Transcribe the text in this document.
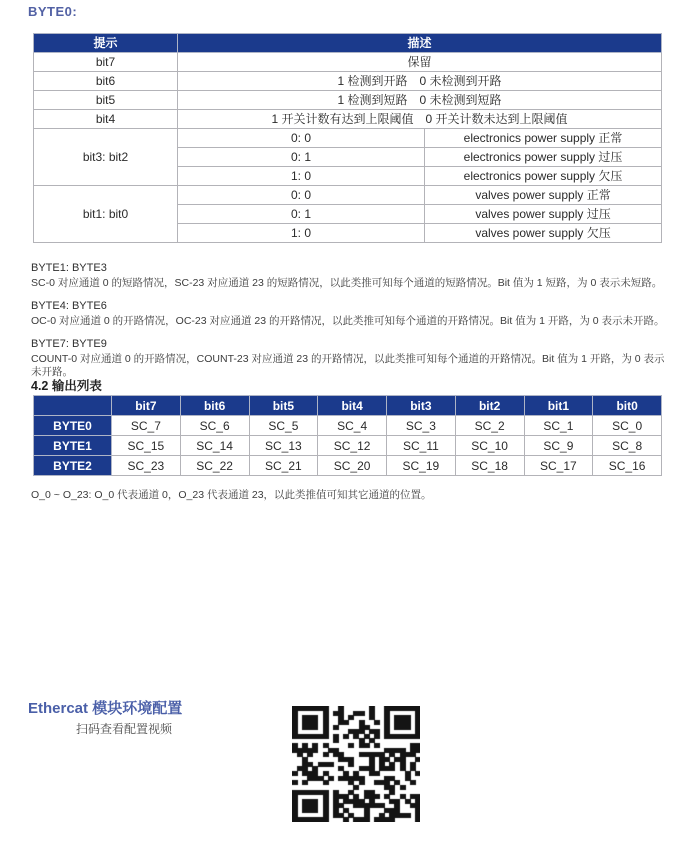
BYTE0:
提示	描述	
bit7	保留	
bit6	1 检测到开路　0 未检测到开路	
bit5	1 检测到短路　0 未检测到短路	
bit4	1 开关计数有达到上限阈值　0 开关计数未达到上限阈值	
bit3: bit2	0: 0	electronics power supply 正常
	0: 1	electronics power supply 过压
	1: 0	electronics power supply 欠压
bit1: bit0	0: 0	valves power supply 正常
	0: 1	valves power supply 过压
	1: 0	valves power supply 欠压
BYTE1: BYTE3
SC-0 对应通道 0 的短路情况，SC-23 对应通道 23 的短路情况，以此类推可知每个通道的短路情况。Bit 值为 1 短路，为 0 表示未短路。
BYTE4: BYTE6
OC-0 对应通道 0 的开路情况，OC-23 对应通道 23 的开路情况，以此类推可知每个通道的开路情况。Bit 值为 1 开路，为 0 表示未开路。
BYTE7: BYTE9
COUNT-0 对应通道 0 的开路情况，COUNT-23 对应通道 23 的开路情况，以此类推可知每个通道的开路情况。Bit 值为 1 开路，为 0 表示未开路。
4.2 输出列表
	bit7	bit6	bit5	bit4	bit3	bit2	bit1	bit0
BYTE0	SC_7	SC_6	SC_5	SC_4	SC_3	SC_2	SC_1	SC_0
BYTE1	SC_15	SC_14	SC_13	SC_12	SC_11	SC_10	SC_9	SC_8
BYTE2	SC_23	SC_22	SC_21	SC_20	SC_19	SC_18	SC_17	SC_16
O_0 ~ O_23: O_0 代表通道 0，O_23 代表通道 23，以此类推值可知其它通道的位置。
Ethercat 模块环境配置
扫码查看配置视频
